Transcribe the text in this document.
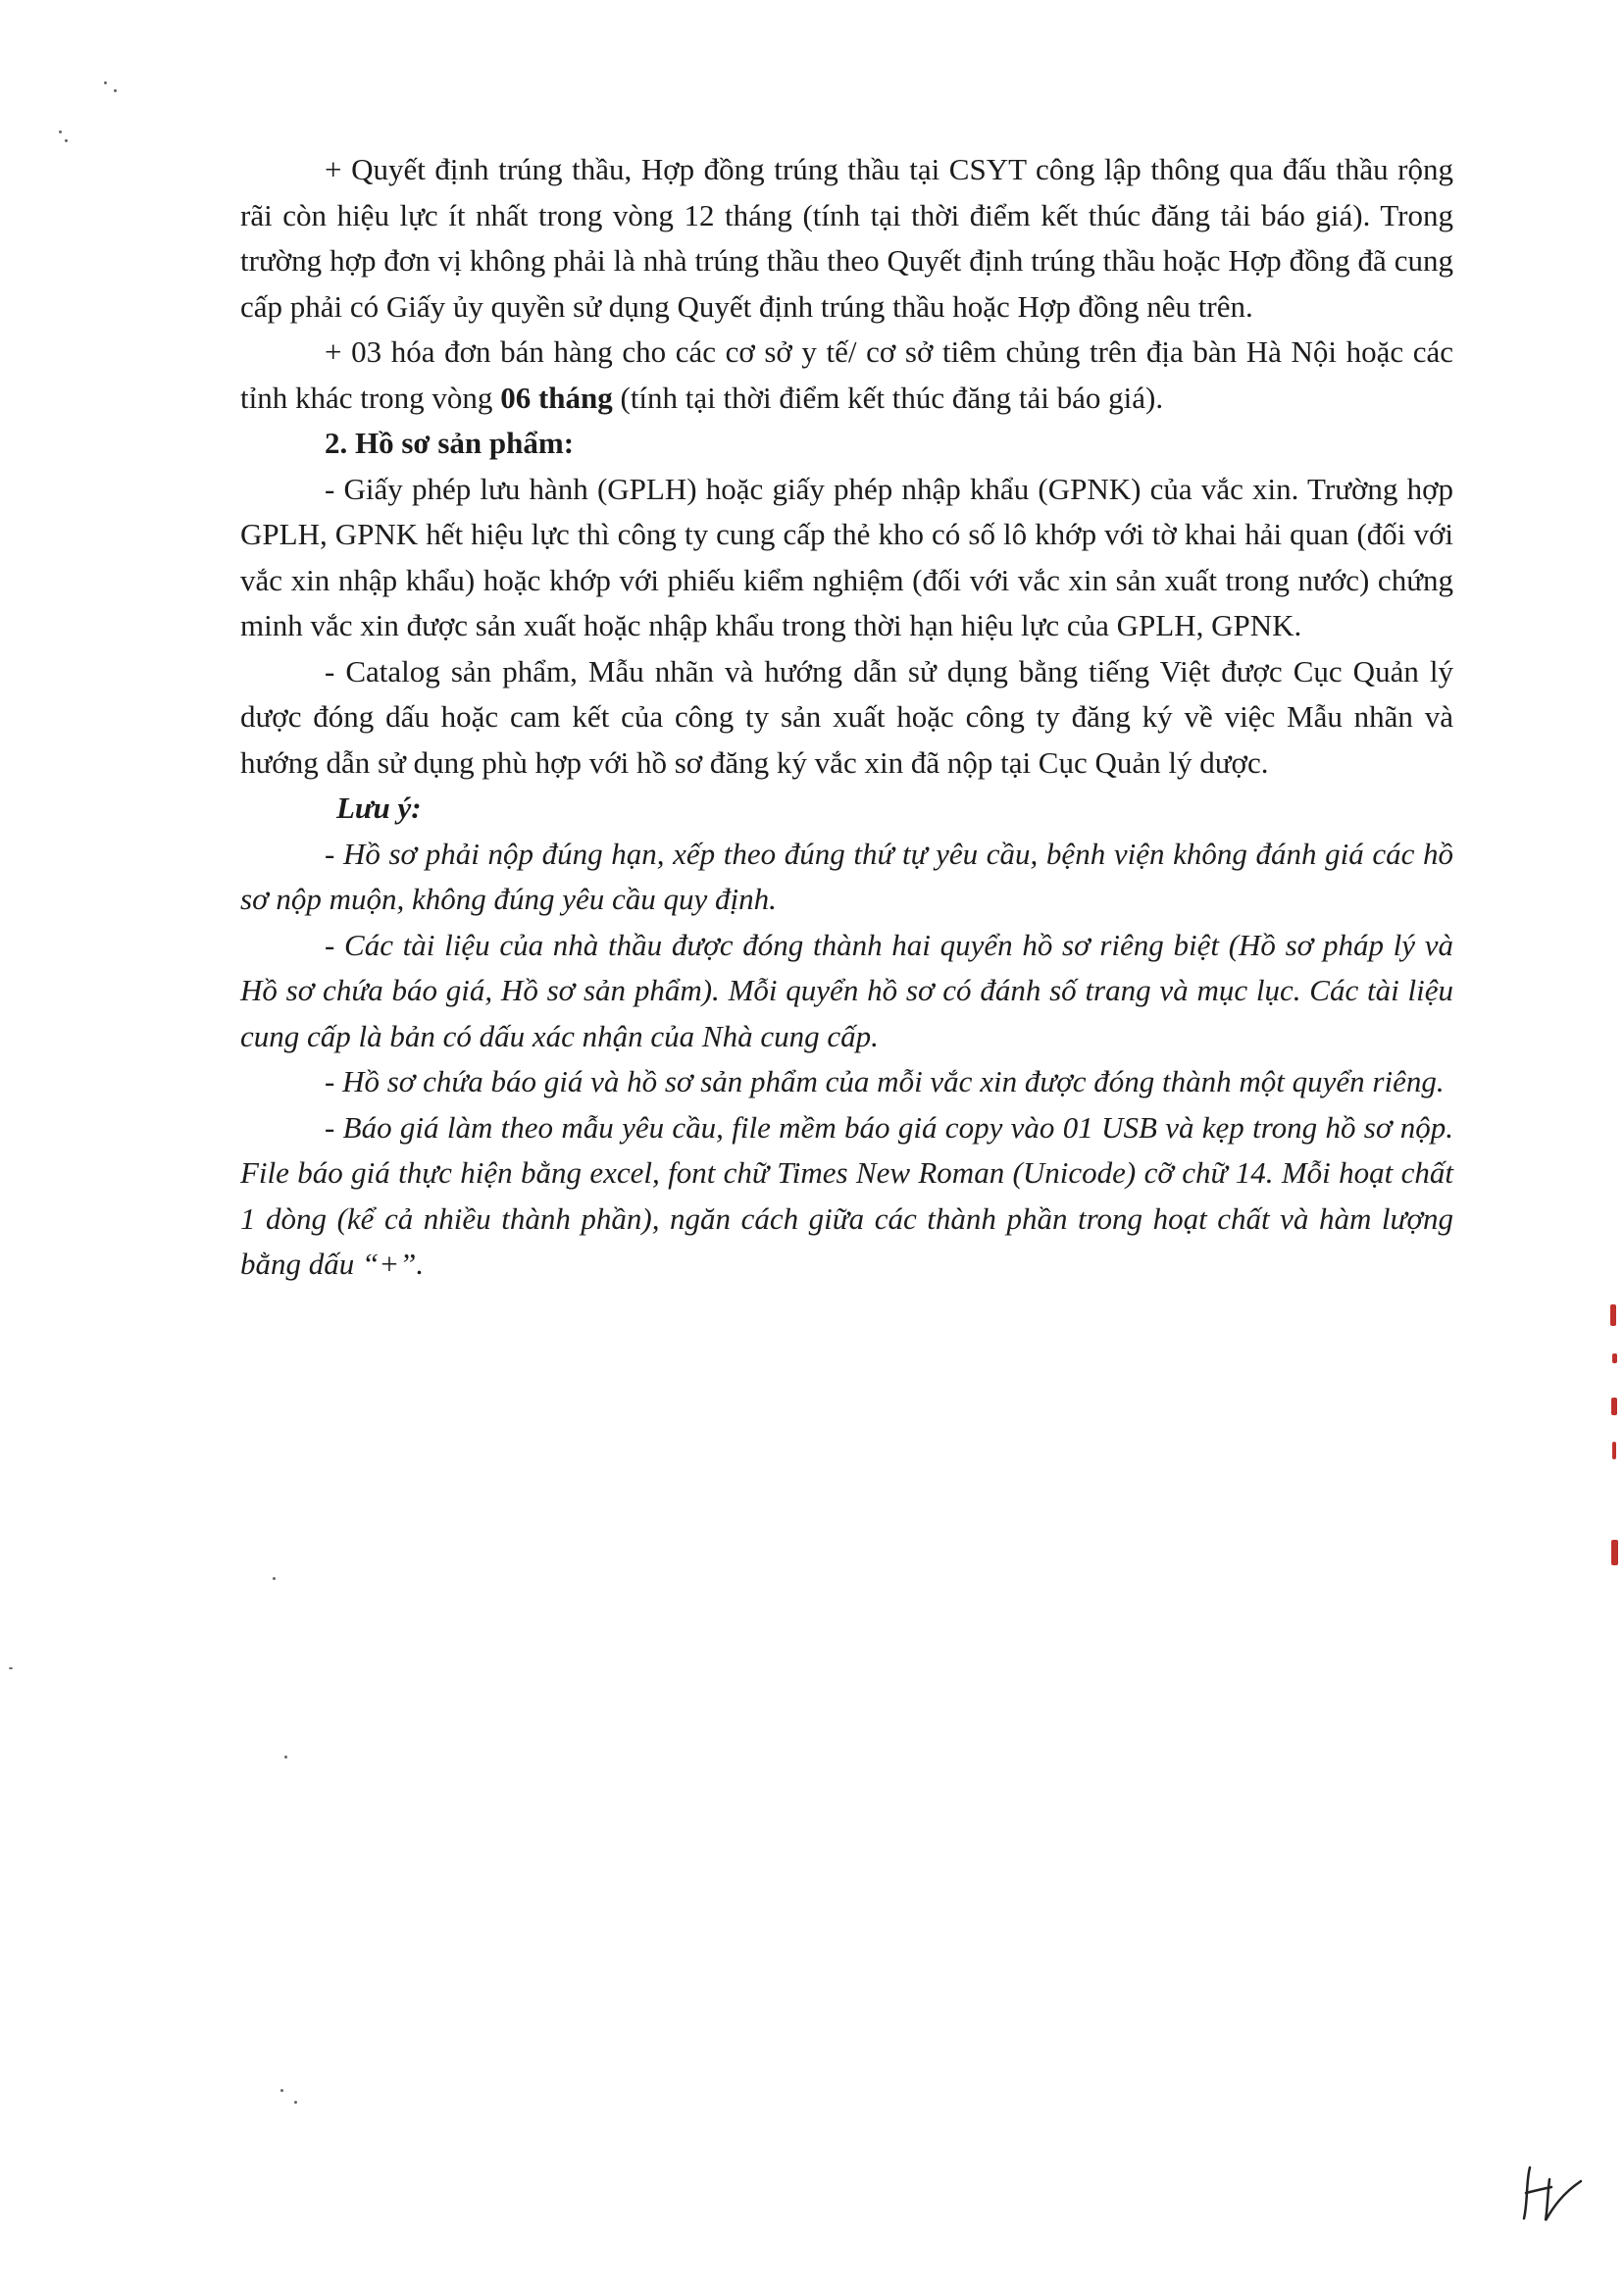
+ Quyết định trúng thầu, Hợp đồng trúng thầu tại CSYT công lập thông qua đấu thầu rộng rãi còn hiệu lực ít nhất trong vòng 12 tháng (tính tại thời điểm kết thúc đăng tải báo giá). Trong trường hợp đơn vị không phải là nhà trúng thầu theo Quyết định trúng thầu hoặc Hợp đồng đã cung cấp phải có Giấy ủy quyền sử dụng Quyết định trúng thầu hoặc Hợp đồng nêu trên.

+ 03 hóa đơn bán hàng cho các cơ sở y tế/ cơ sở tiêm chủng trên địa bàn Hà Nội hoặc các tỉnh khác trong vòng 06 tháng (tính tại thời điểm kết thúc đăng tải báo giá).

2. Hồ sơ sản phẩm:

- Giấy phép lưu hành (GPLH) hoặc giấy phép nhập khẩu (GPNK) của vắc xin. Trường hợp GPLH, GPNK hết hiệu lực thì công ty cung cấp thẻ kho có số lô khớp với tờ khai hải quan (đối với vắc xin nhập khẩu) hoặc khớp với phiếu kiểm nghiệm (đối với vắc xin sản xuất trong nước) chứng minh vắc xin được sản xuất hoặc nhập khẩu trong thời hạn hiệu lực của GPLH, GPNK.

- Catalog sản phẩm, Mẫu nhãn và hướng dẫn sử dụng bằng tiếng Việt được Cục Quản lý dược đóng dấu hoặc cam kết của công ty sản xuất hoặc công ty đăng ký về việc Mẫu nhãn và hướng dẫn sử dụng phù hợp với hồ sơ đăng ký vắc xin đã nộp tại Cục Quản lý dược.

Lưu ý:

- Hồ sơ phải nộp đúng hạn, xếp theo đúng thứ tự yêu cầu, bệnh viện không đánh giá các hồ sơ nộp muộn, không đúng yêu cầu quy định.

- Các tài liệu của nhà thầu được đóng thành hai quyển hồ sơ riêng biệt (Hồ sơ pháp lý và Hồ sơ chứa báo giá, Hồ sơ sản phẩm). Mỗi quyển hồ sơ có đánh số trang và mục lục. Các tài liệu cung cấp là bản có dấu xác nhận của Nhà cung cấp.

- Hồ sơ chứa báo giá và hồ sơ sản phẩm của mỗi vắc xin được đóng thành một quyển riêng.

- Báo giá làm theo mẫu yêu cầu, file mềm báo giá copy vào 01 USB và kẹp trong hồ sơ nộp. File báo giá thực hiện bằng excel, font chữ Times New Roman (Unicode) cỡ chữ 14. Mỗi hoạt chất 1 dòng (kể cả nhiều thành phần), ngăn cách giữa các thành phần trong hoạt chất và hàm lượng bằng dấu “+”.
